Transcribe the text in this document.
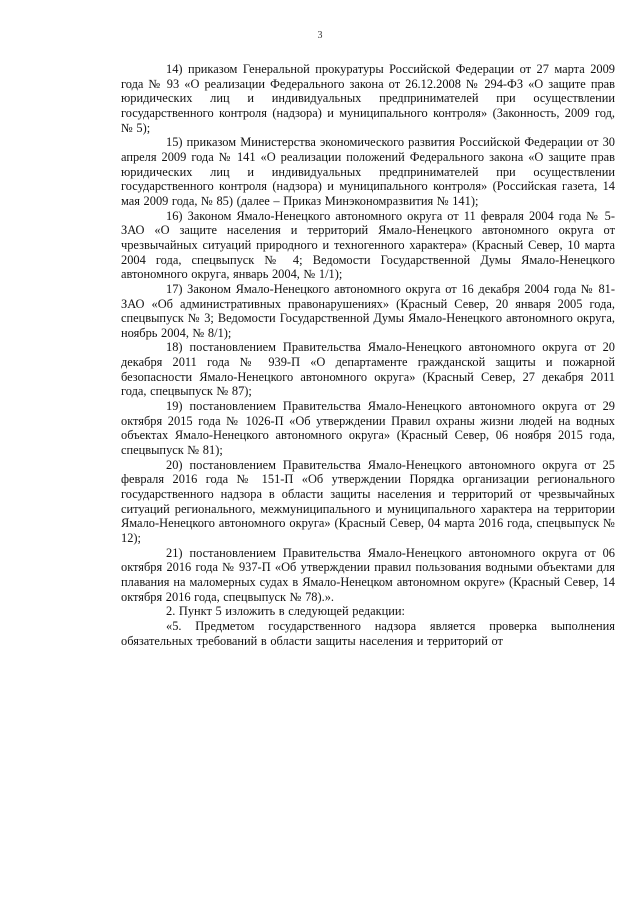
3

14) приказом Генеральной прокуратуры Российской Федерации от 27 марта 2009 года № 93 «О реализации Федерального закона от 26.12.2008 № 294-ФЗ «О защите прав юридических лиц и индивидуальных предпринимателей при осуществлении государственного контроля (надзора) и муниципального контроля» (Законность, 2009 год, № 5);

15) приказом Министерства экономического развития Российской Федерации от 30 апреля 2009 года № 141 «О реализации положений Федерального закона «О защите прав юридических лиц и индивидуальных предпринимателей при осуществлении государственного контроля (надзора) и муниципального контроля» (Российская газета, 14 мая 2009 года, № 85) (далее – Приказ Минэкономразвития № 141);

16) Законом Ямало-Ненецкого автономного округа от 11 февраля 2004 года № 5-ЗАО «О защите населения и территорий Ямало-Ненецкого автономного округа от чрезвычайных ситуаций природного и техногенного характера» (Красный Север, 10 марта 2004 года, спецвыпуск № 4; Ведомости Государственной Думы Ямало-Ненецкого автономного округа, январь 2004, № 1/1);

17) Законом Ямало-Ненецкого автономного округа от 16 декабря 2004 года № 81-ЗАО «Об административных правонарушениях» (Красный Север, 20 января 2005 года, спецвыпуск № 3; Ведомости Государственной Думы Ямало-Ненецкого автономного округа, ноябрь 2004, № 8/1);

18) постановлением Правительства Ямало-Ненецкого автономного округа от 20 декабря 2011 года № 939-П «О департаменте гражданской защиты и пожарной безопасности Ямало-Ненецкого автономного округа» (Красный Север, 27 декабря 2011 года, спецвыпуск № 87);

19) постановлением Правительства Ямало-Ненецкого автономного округа от 29 октября 2015 года № 1026-П «Об утверждении Правил охраны жизни людей на водных объектах Ямало-Ненецкого автономного округа» (Красный Север, 06 ноября 2015 года, спецвыпуск № 81);

20) постановлением Правительства Ямало-Ненецкого автономного округа от 25 февраля 2016 года № 151-П «Об утверждении Порядка организации регионального государственного надзора в области защиты населения и территорий от чрезвычайных ситуаций регионального, межмуниципального и муниципального характера на территории Ямало-Ненецкого автономного округа» (Красный Север, 04 марта 2016 года, спецвыпуск № 12);

21) постановлением Правительства Ямало-Ненецкого автономного округа от 06 октября 2016 года № 937-П «Об утверждении правил пользования водными объектами для плавания на маломерных судах в Ямало-Ненецком автономном округе» (Красный Север, 14 октября 2016 года, спецвыпуск № 78).».

2. Пункт 5 изложить в следующей редакции:

«5. Предметом государственного надзора является проверка выполнения обязательных требований в области защиты населения и территорий от
